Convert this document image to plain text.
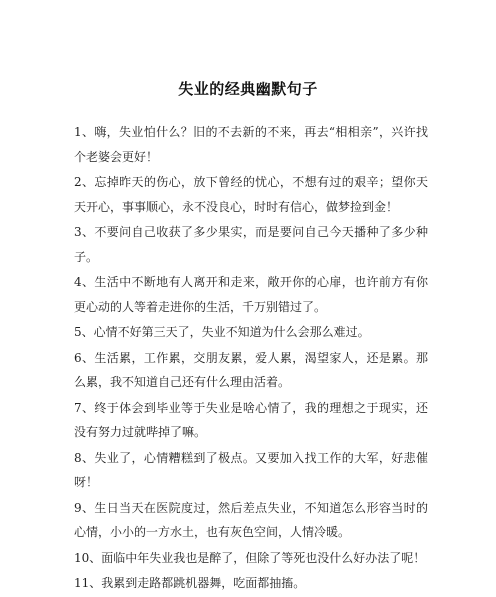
失业的经典幽默句子
1、嗨，失业怕什么？旧的不去新的不来，再去“相相亲”，兴许找个老婆会更好！
2、忘掉昨天的伤心，放下曾经的忧心，不想有过的艰辛；望你天天开心，事事顺心，永不没良心，时时有信心，做梦捡到金！
3、不要问自己收获了多少果实，而是要问自己今天播种了多少种子。
4、生活中不断地有人离开和走来，敞开你的心扉，也许前方有你更心动的人等着走进你的生活，千万别错过了。
5、心情不好第三天了，失业不知道为什么会那么难过。
6、生活累，工作累，交朋友累，爱人累，渴望家人，还是累。那么累，我不知道自己还有什么理由活着。
7、终于体会到毕业等于失业是啥心情了，我的理想之于现实，还没有努力过就哔掉了嘛。
8、失业了，心情糟糕到了极点。又要加入找工作的大军，好悲催呀！
9、生日当天在医院度过，然后差点失业，不知道怎么形容当时的心情，小小的一方水土，也有灰色空间，人情冷暖。
10、面临中年失业我也是醉了，但除了等死也没什么好办法了呢！
11、我累到走路都跳机器舞，吃面都抽搐。
